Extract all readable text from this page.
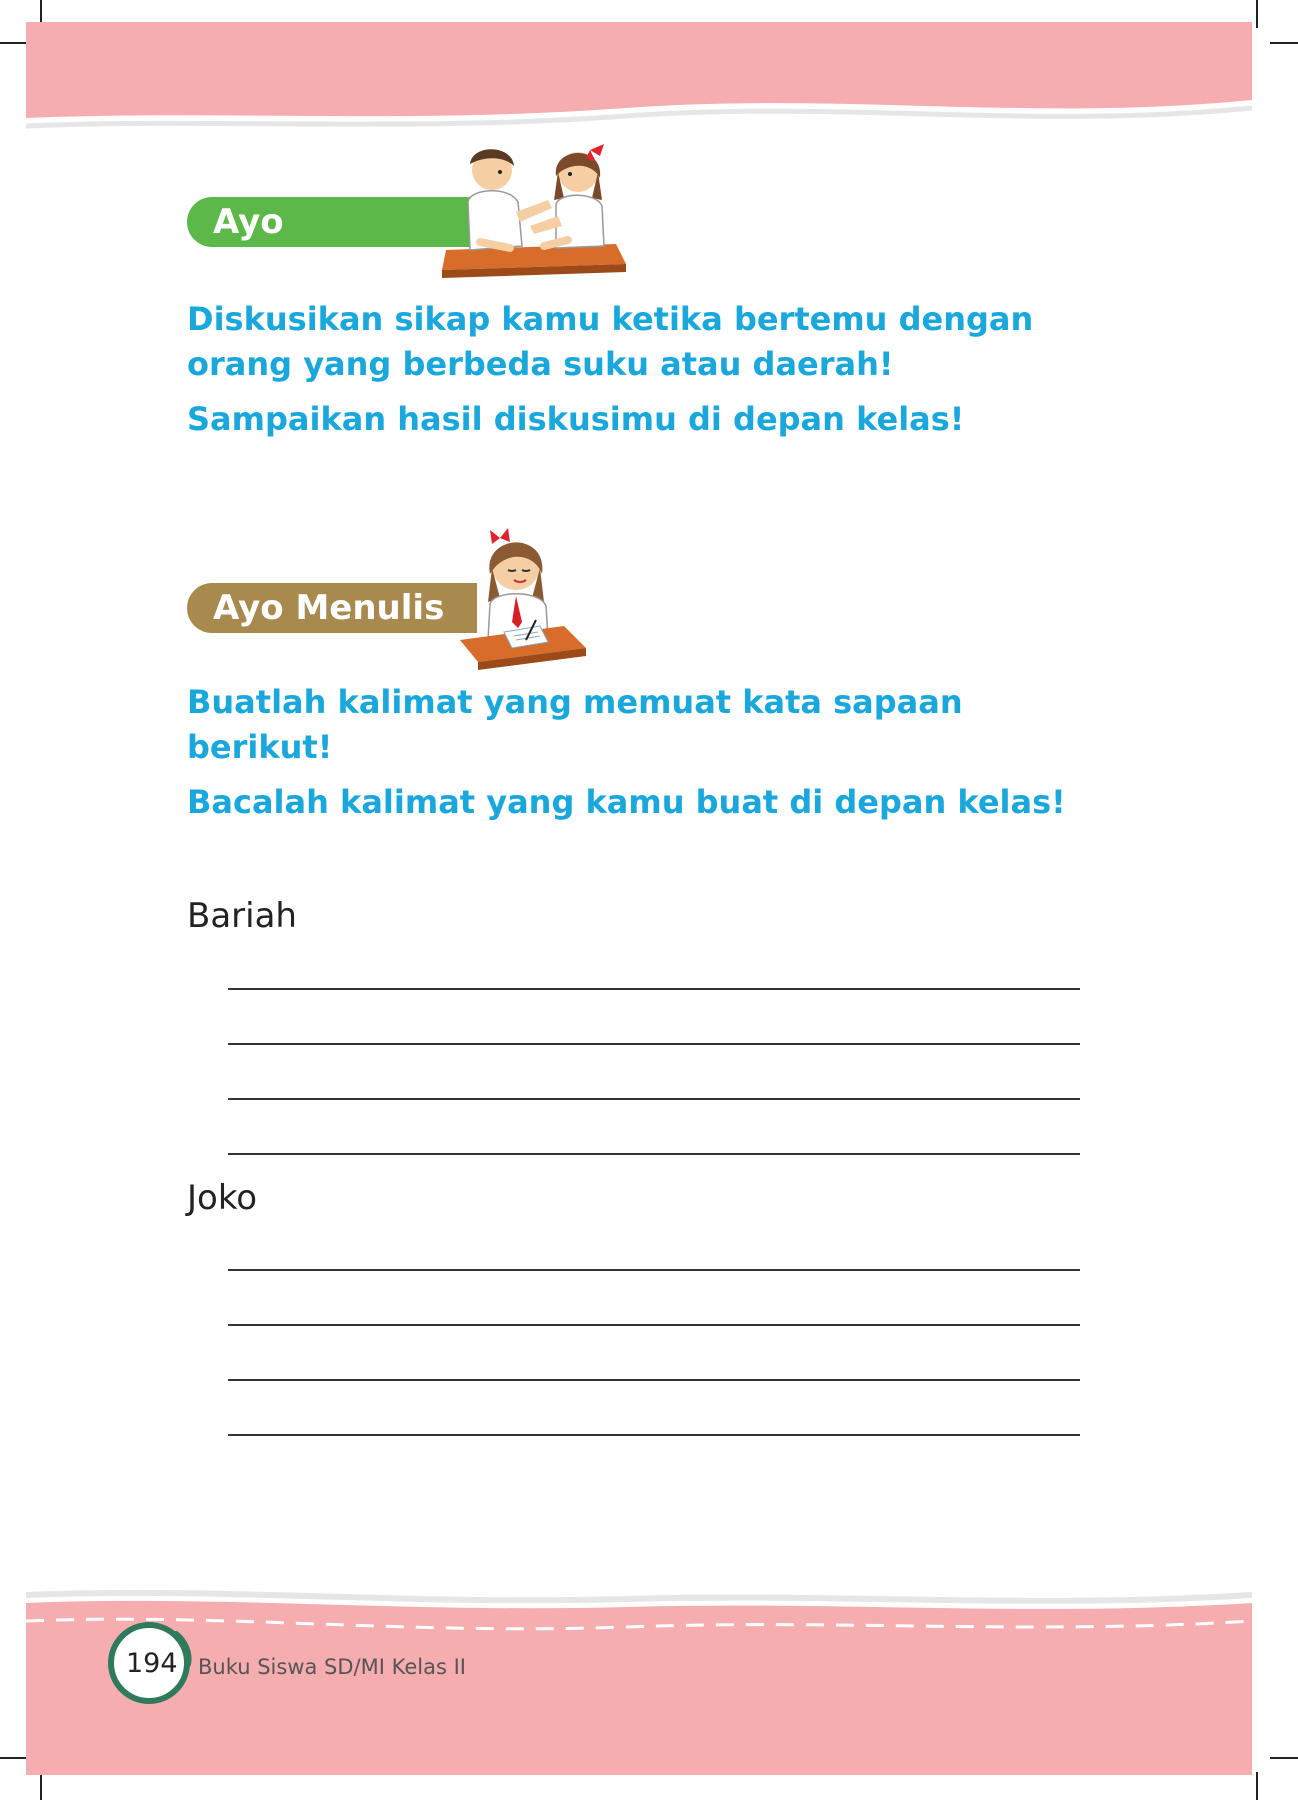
Ayo Berdiskusi
Diskusikan sikap kamu ketika bertemu dengan orang yang berbeda suku atau daerah!
Sampaikan hasil diskusimu di depan kelas!
Ayo Menulis
Buatlah kalimat yang memuat kata sapaan berikut!
Bacalah kalimat yang kamu buat di depan kelas!
Bariah
Joko
194 Buku Siswa SD/MI Kelas II
